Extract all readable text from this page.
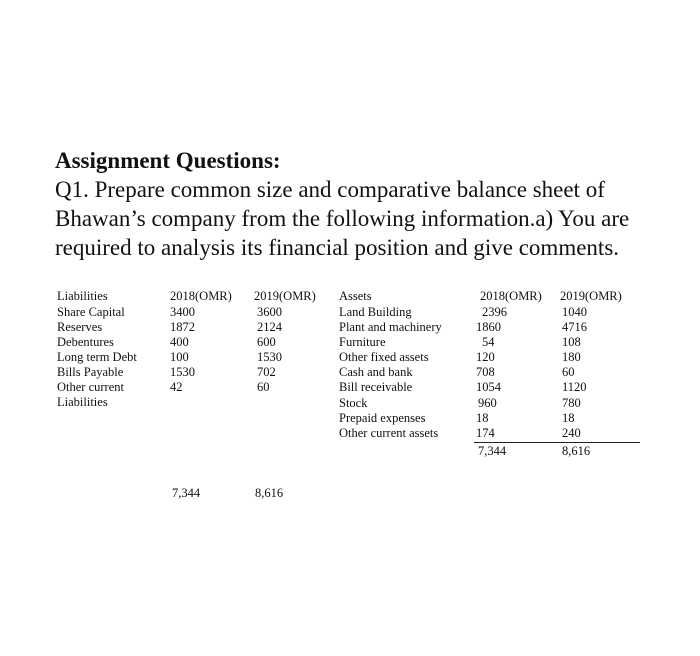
Assignment Questions:
Q1. Prepare common size and comparative balance sheet of
Bhawan’s company from the following information.a) You are
required to analysis its financial position and give comments.
Liabilities	2018(OMR) 2019(OMR) Assets	2018(OMR) 2019(OMR)
Share Capital	3400	3600
Reserves	1872	2124
Debentures	400	600
Long term Debt	100	1530
Bills Payable	1530	702
Other current	42	60
Liabilities
7,344	8,616
Land Building	2396	1040
Plant and machinery	1860	4716
Furniture	54	108
Other fixed assets	120	180
Cash and bank	708	60
Bill receivable	1054	1120
Stock	960	780
Prepaid expenses	18	18
Other current assets	174	240
7,344	8,616
